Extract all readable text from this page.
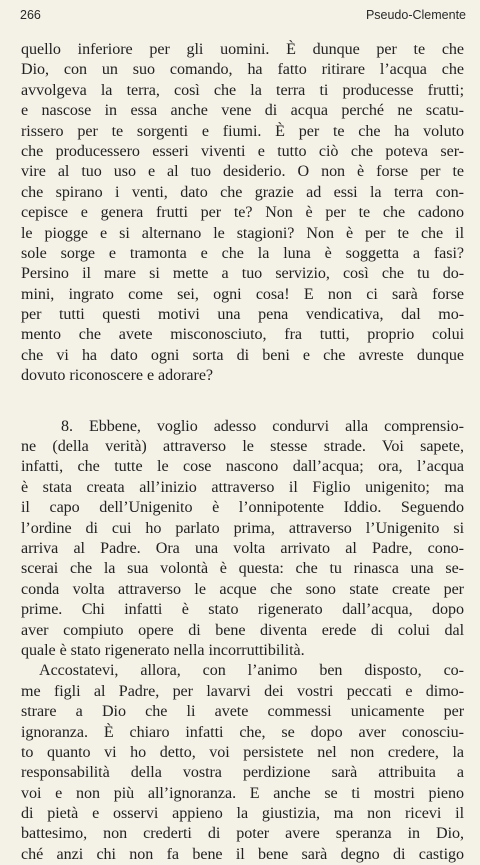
266	Pseudo-Clemente
quello inferiore per gli uomini. È dunque per te che
Dio, con un suo comando, ha fatto ritirare l’acqua che
avvolgeva la terra, così che la terra ti producesse frutti;
e nascose in essa anche vene di acqua perché ne scatu-
rissero per te sorgenti e fiumi. È per te che ha voluto
che producessero esseri viventi e tutto ciò che poteva ser-
vire al tuo uso e al tuo desiderio. O non è forse per te
che spirano i venti, dato che grazie ad essi la terra con-
cepisce e genera frutti per te? Non è per te che cadono
le piogge e si alternano le stagioni? Non è per te che il
sole sorge e tramonta e che la luna è soggetta a fasi?
Persino il mare si mette a tuo servizio, così che tu do-
mini, ingrato come sei, ogni cosa! E non ci sarà forse
per tutti questi motivi una pena vendicativa, dal mo-
mento che avete misconosciuto, fra tutti, proprio colui
che vi ha dato ogni sorta di beni e che avreste dunque
dovuto riconoscere e adorare?
8. Ebbene, voglio adesso condurvi alla comprensio-
ne (della verità) attraverso le stesse strade. Voi sapete,
infatti, che tutte le cose nascono dall’acqua; ora, l’acqua
è stata creata all’inizio attraverso il Figlio unigenito; ma
il capo dell’Unigenito è l’onnipotente Iddio. Seguendo
l’ordine di cui ho parlato prima, attraverso l’Unigenito si
arriva al Padre. Ora una volta arrivato al Padre, cono-
scerai che la sua volontà è questa: che tu rinasca una se-
conda volta attraverso le acque che sono state create per
prime. Chi infatti è stato rigenerato dall’acqua, dopo
aver compiuto opere di bene diventa erede di colui dal
quale è stato rigenerato nella incorruttibilità.
Accostatevi, allora, con l’animo ben disposto, co-
me figli al Padre, per lavarvi dei vostri peccati e dimo-
strare a Dio che li avete commessi unicamente per
ignoranza. È chiaro infatti che, se dopo aver conosciu-
to quanto vi ho detto, voi persistete nel non credere, la
responsabilità della vostra perdizione sarà attribuita a
voi e non più all’ignoranza. E anche se ti mostri pieno
di pietà e osservi appieno la giustizia, ma non ricevi il
battesimo, non crederti di poter avere speranza in Dio,
ché anzi chi non fa bene il bene sarà degno di castigo
